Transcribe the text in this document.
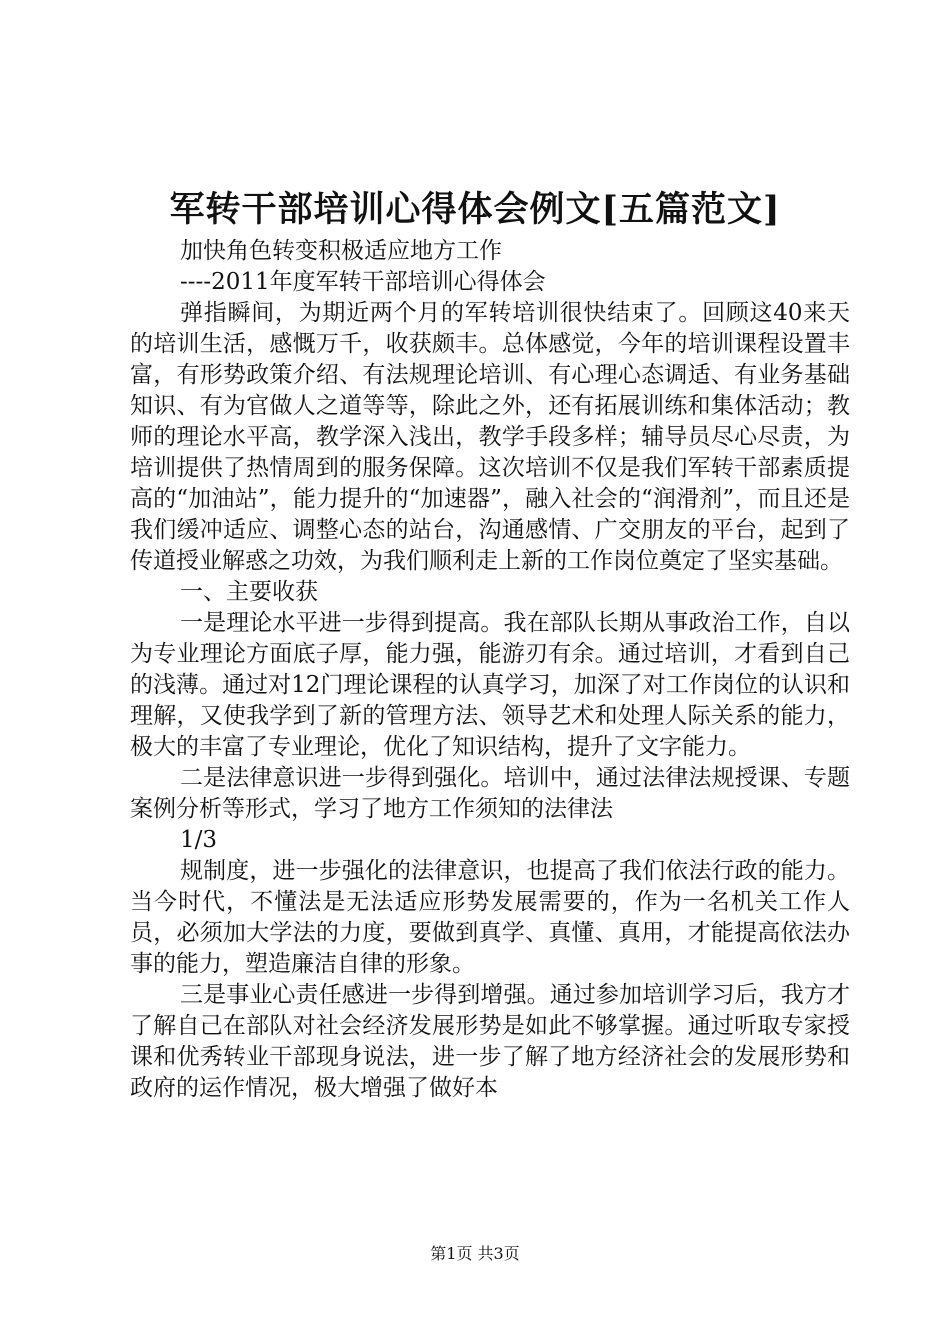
军转干部培训心得体会例文[五篇范文]

加快角色转变积极适应地方工作

----2011年度军转干部培训心得体会

弹指瞬间，为期近两个月的军转培训很快结束了。回顾这40来天的培训生活，感慨万千，收获颇丰。总体感觉，今年的培训课程设置丰富，有形势政策介绍、有法规理论培训、有心理心态调适、有业务基础知识、有为官做人之道等等，除此之外，还有拓展训练和集体活动；教师的理论水平高，教学深入浅出，教学手段多样；辅导员尽心尽责，为培训提供了热情周到的服务保障。这次培训不仅是我们军转干部素质提高的“加油站”，能力提升的“加速器”，融入社会的“润滑剂”，而且还是我们缓冲适应、调整心态的站台，沟通感情、广交朋友的平台，起到了传道授业解惑之功效，为我们顺利走上新的工作岗位奠定了坚实基础。

一、主要收获

一是理论水平进一步得到提高。我在部队长期从事政治工作，自以为专业理论方面底子厚，能力强，能游刃有余。通过培训，才看到自己的浅薄。通过对12门理论课程的认真学习，加深了对工作岗位的认识和理解，又使我学到了新的管理方法、领导艺术和处理人际关系的能力，极大的丰富了专业理论，优化了知识结构，提升了文字能力。

二是法律意识进一步得到强化。培训中，通过法律法规授课、专题案例分析等形式，学习了地方工作须知的法律法

1/3

规制度，进一步强化的法律意识，也提高了我们依法行政的能力。当今时代，不懂法是无法适应形势发展需要的，作为一名机关工作人员，必须加大学法的力度，要做到真学、真懂、真用，才能提高依法办事的能力，塑造廉洁自律的形象。

三是事业心责任感进一步得到增强。通过参加培训学习后，我方才了解自己在部队对社会经济发展形势是如此不够掌握。通过听取专家授课和优秀转业干部现身说法，进一步了解了地方经济社会的发展形势和政府的运作情况，极大增强了做好本

第1页 共3页
